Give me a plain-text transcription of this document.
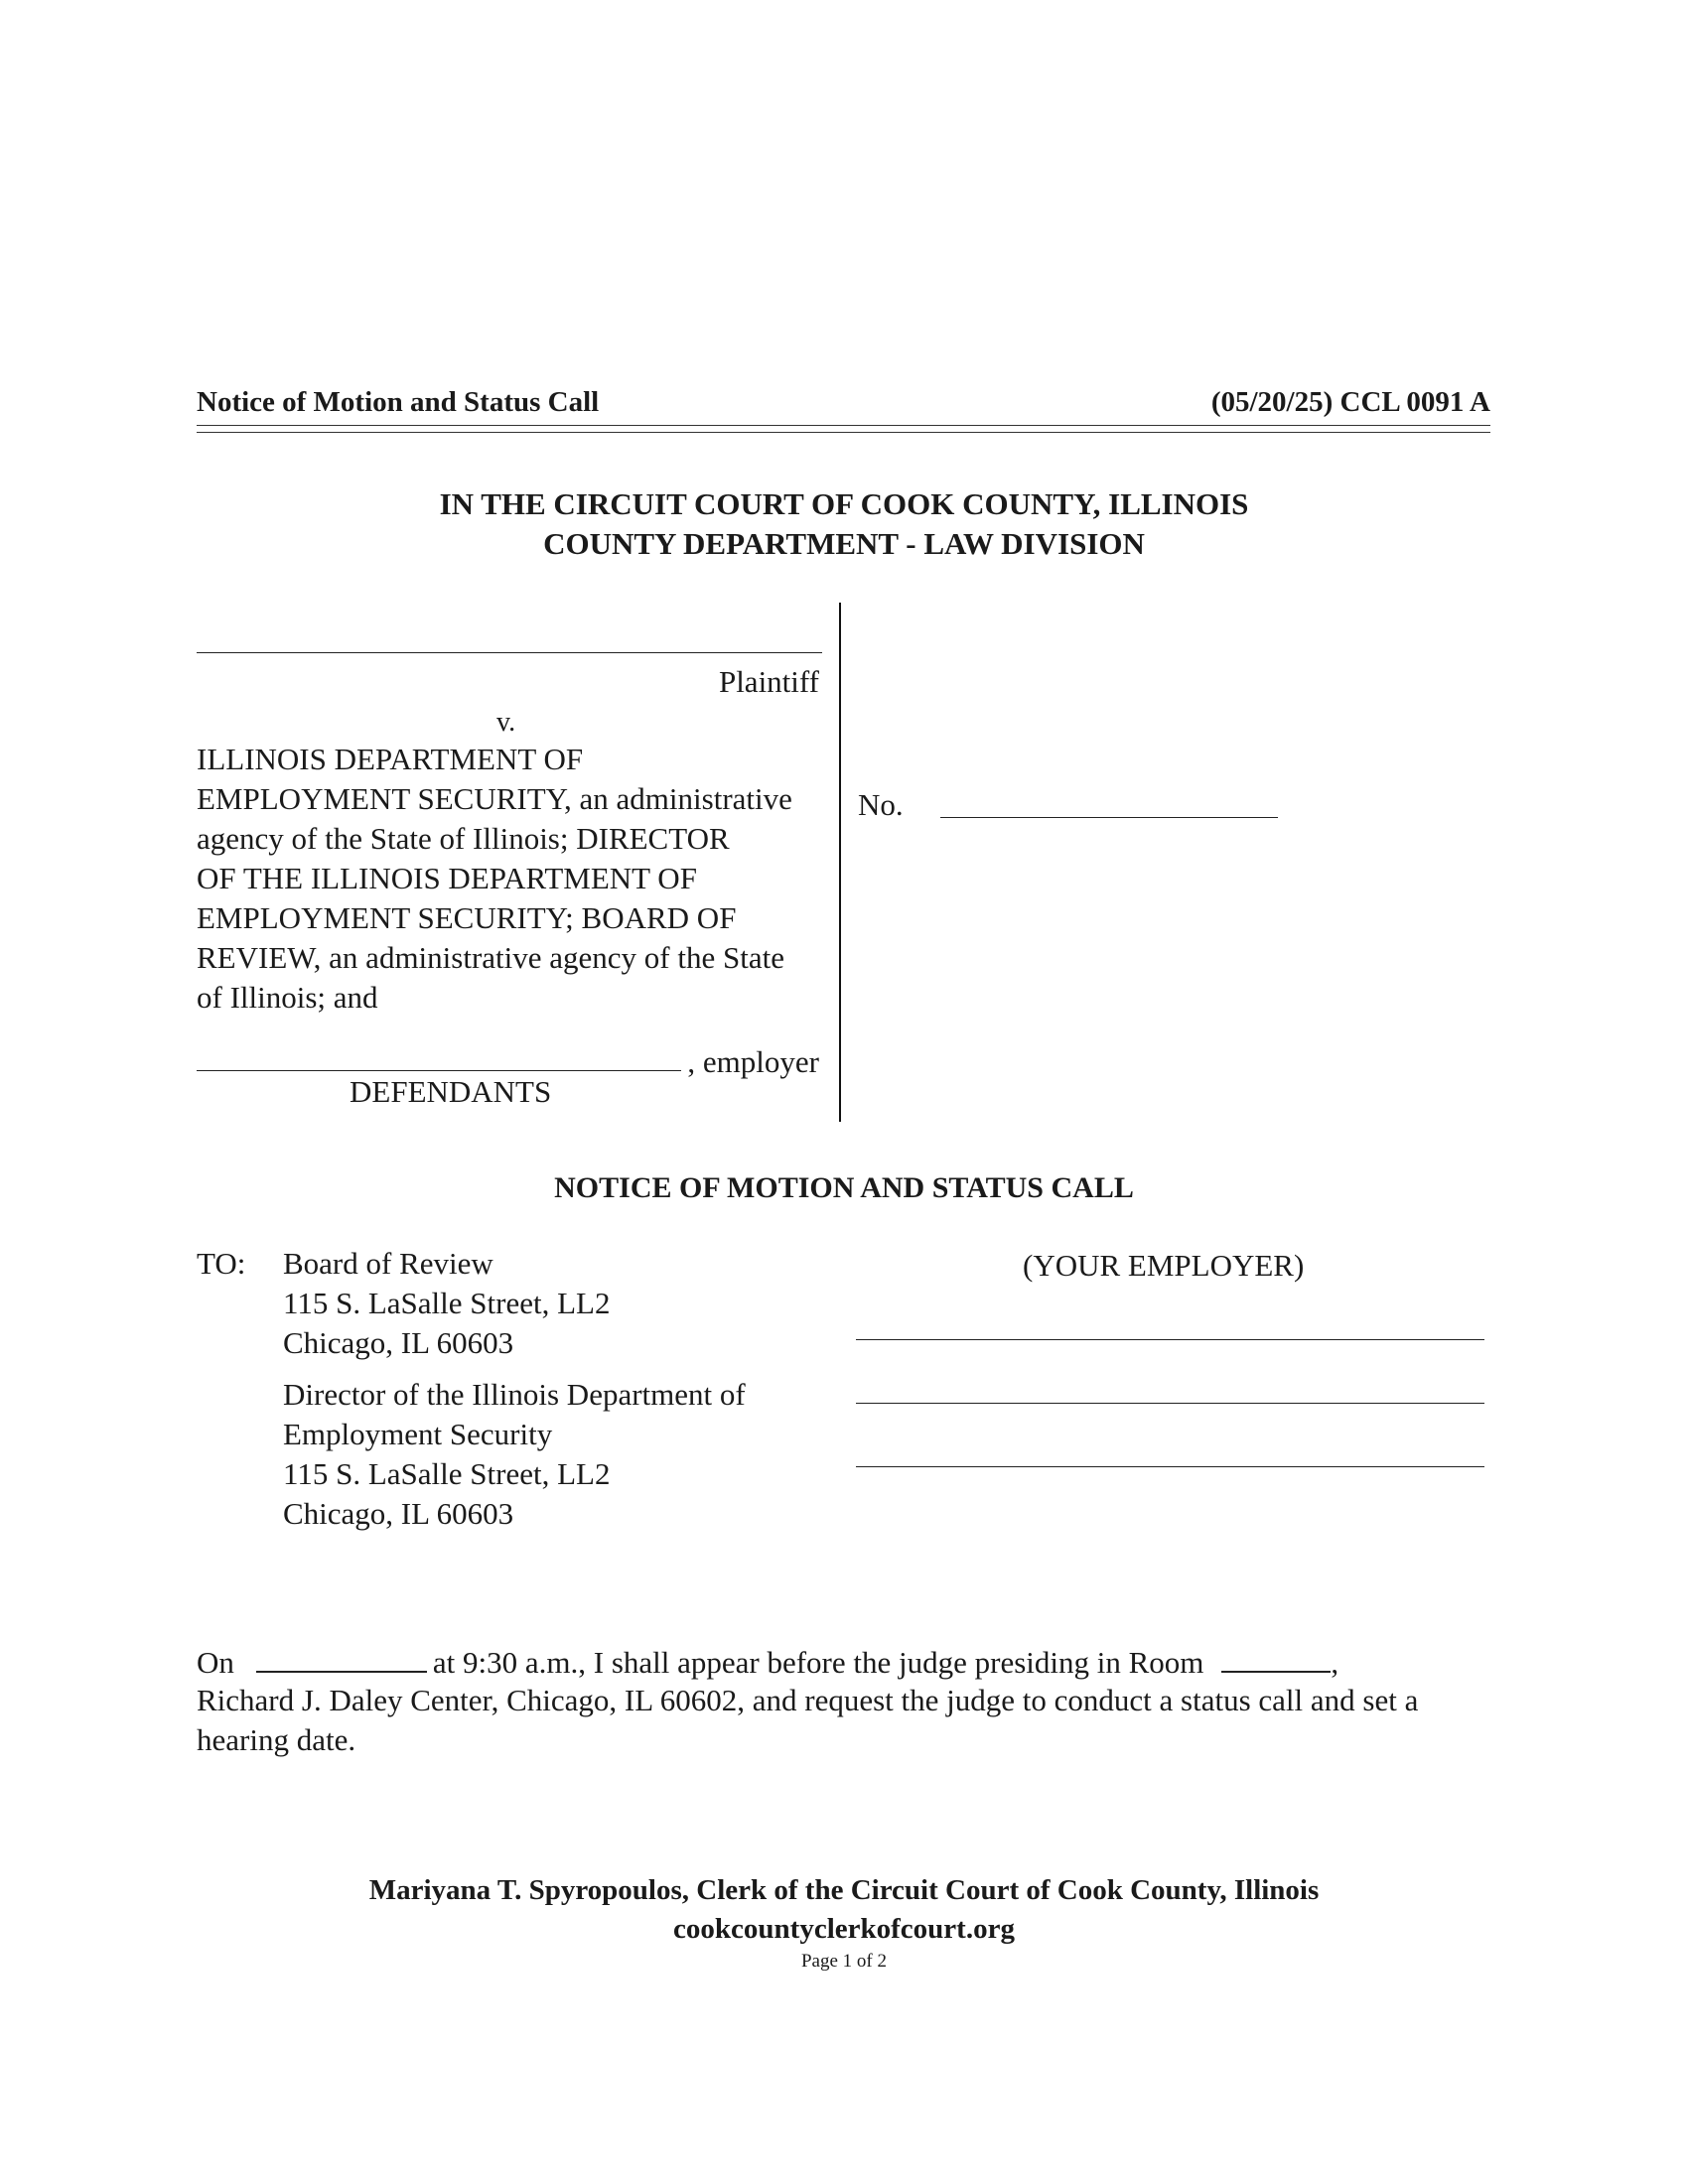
Notice of Motion and Status Call	(05/20/25) CCL 0091 A
IN THE CIRCUIT COURT OF COOK COUNTY, ILLINOIS
COUNTY DEPARTMENT - LAW DIVISION
Plaintiff
v.
ILLINOIS DEPARTMENT OF
EMPLOYMENT SECURITY, an administrative
agency of the State of Illinois; DIRECTOR
OF THE ILLINOIS DEPARTMENT OF
EMPLOYMENT SECURITY; BOARD OF
REVIEW, an administrative agency of the State
of Illinois; and
, employer
DEFENDANTS
No.
NOTICE OF MOTION AND STATUS CALL
TO: Board of Review
115 S. LaSalle Street, LL2
Chicago, IL 60603
Director of the Illinois Department of
Employment Security
115 S. LaSalle Street, LL2
Chicago, IL 60603
(YOUR EMPLOYER)
On	at 9:30 a.m., I shall appear before the judge presiding in Room	,
Richard J. Daley Center, Chicago, IL 60602, and request the judge to conduct a status call and set a
hearing date.
Mariyana T. Spyropoulos, Clerk of the Circuit Court of Cook County, Illinois
cookcountyclerkofcourt.org
Page 1 of 2
